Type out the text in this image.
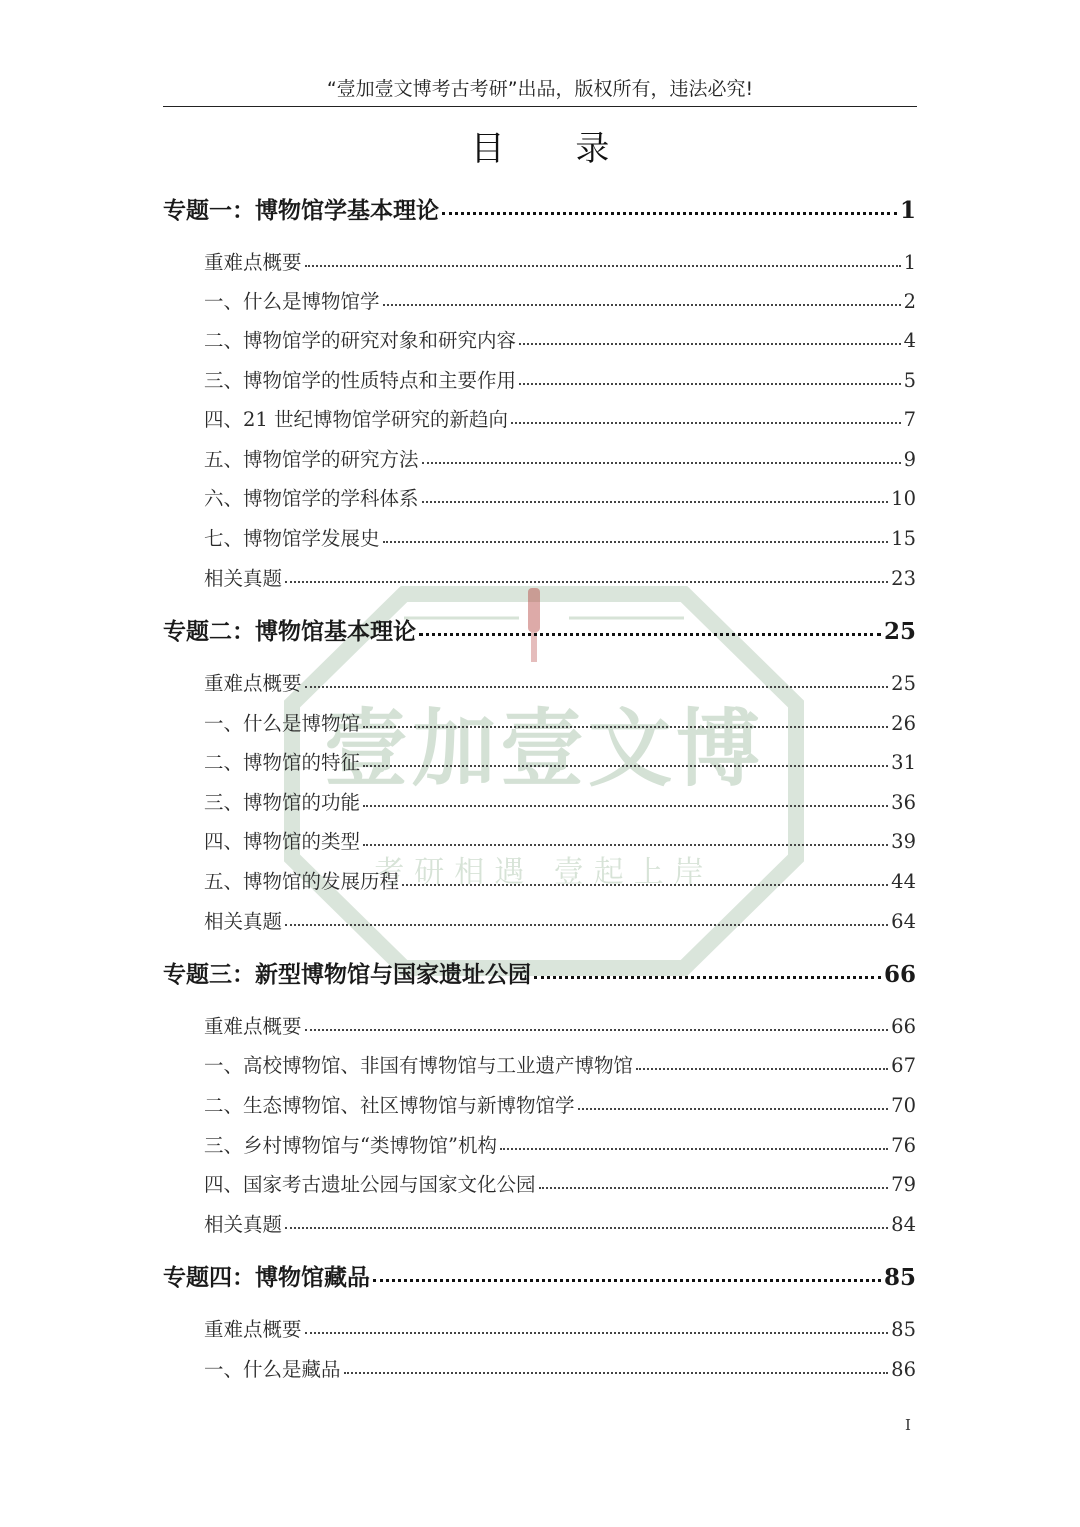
“壹加壹文博考古考研”出品，版权所有，违法必究!
目 录
壹加壹文博
考研相遇 壹起上岸
专题一：博物馆学基本理论	1
重难点概要	1
一、什么是博物馆学	2
二、博物馆学的研究对象和研究内容	4
三、博物馆学的性质特点和主要作用	5
四、21 世纪博物馆学研究的新趋向	7
五、博物馆学的研究方法	9
六、博物馆学的学科体系	10
七、博物馆学发展史	15
相关真题	23
专题二：博物馆基本理论	25
重难点概要	25
一、什么是博物馆	26
二、博物馆的特征	31
三、博物馆的功能	36
四、博物馆的类型	39
五、博物馆的发展历程	44
相关真题	64
专题三：新型博物馆与国家遗址公园	66
重难点概要	66
一、高校博物馆、非国有博物馆与工业遗产博物馆	67
二、生态博物馆、社区博物馆与新博物馆学	70
三、乡村博物馆与“类博物馆”机构	76
四、国家考古遗址公园与国家文化公园	79
相关真题	84
专题四：博物馆藏品	85
重难点概要	85
一、什么是藏品	86
I
